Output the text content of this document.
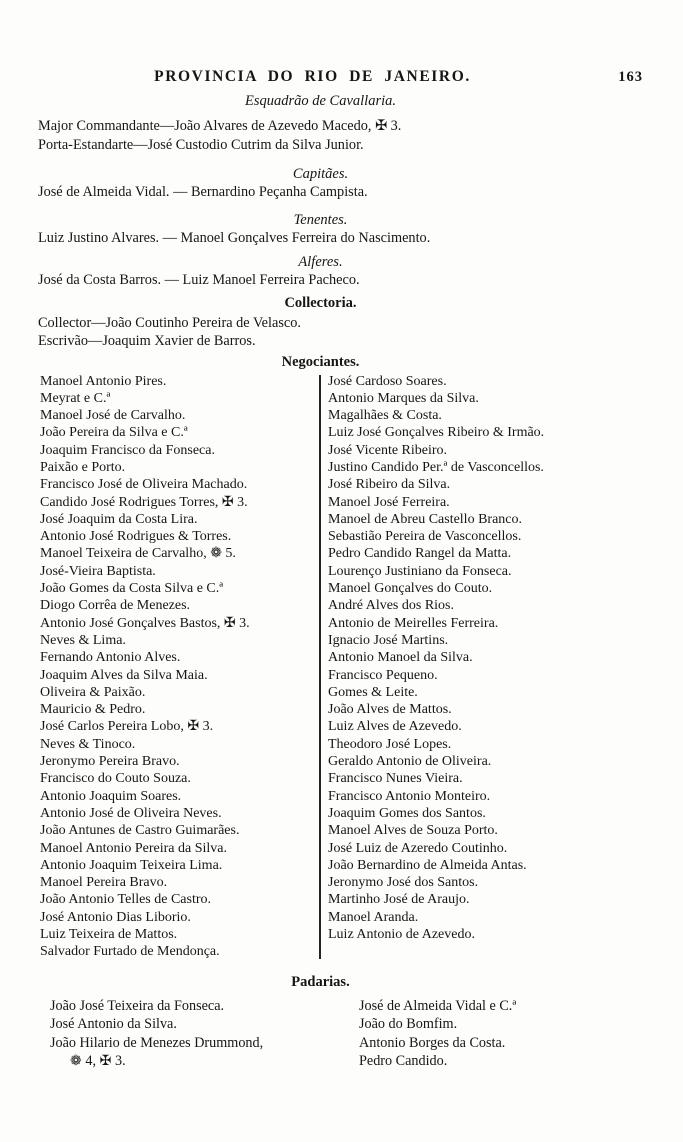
PROVINCIA DO RIO DE JANEIRO.	163
Esquadrão de Cavallaria.
Major Commandante—João Alvares de Azevedo Macedo, ✠ 3.
Porta-Estandarte—José Custodio Cutrim da Silva Junior.
Capitães.
José de Almeida Vidal. — Bernardino Peçanha Campista.
Tenentes.
Luiz Justino Alvares. — Manoel Gonçalves Ferreira do Nascimento.
Alferes.
José da Costa Barros. — Luiz Manoel Ferreira Pacheco.
Collectoria.
Collector—João Coutinho Pereira de Velasco.
Escrivão—Joaquim Xavier de Barros.
Negociantes.
Manoel Antonio Pires.
Meyrat e C.ª
Manoel José de Carvalho.
João Pereira da Silva e C.ª
Joaquim Francisco da Fonseca.
Paixão e Porto.
Francisco José de Oliveira Machado.
Candido José Rodrigues Torres, ✠ 3.
José Joaquim da Costa Lira.
Antonio José Rodrigues & Torres.
Manoel Teixeira de Carvalho, ❁ 5.
José-Vieira Baptista.
João Gomes da Costa Silva e C.ª
Diogo Corrêa de Menezes.
Antonio José Gonçalves Bastos, ✠ 3.
Neves & Lima.
Fernando Antonio Alves.
Joaquim Alves da Silva Maia.
Oliveira & Paixão.
Mauricio & Pedro.
José Carlos Pereira Lobo, ✠ 3.
Neves & Tinoco.
Jeronymo Pereira Bravo.
Francisco do Couto Souza.
Antonio Joaquim Soares.
Antonio José de Oliveira Neves.
João Antunes de Castro Guimarães.
Manoel Antonio Pereira da Silva.
Antonio Joaquim Teixeira Lima.
Manoel Pereira Bravo.
João Antonio Telles de Castro.
José Antonio Dias Liborio.
Luiz Teixeira de Mattos.
Salvador Furtado de Mendonça.
José Cardoso Soares.
Antonio Marques da Silva.
Magalhães & Costa.
Luiz José Gonçalves Ribeiro & Irmão.
José Vicente Ribeiro.
Justino Candido Per.ª de Vasconcellos.
José Ribeiro da Silva.
Manoel José Ferreira.
Manoel de Abreu Castello Branco.
Sebastião Pereira de Vasconcellos.
Pedro Candido Rangel da Matta.
Lourenço Justiniano da Fonseca.
Manoel Gonçalves do Couto.
André Alves dos Rios.
Antonio de Meirelles Ferreira.
Ignacio José Martins.
Antonio Manoel da Silva.
Francisco Pequeno.
Gomes & Leite.
João Alves de Mattos.
Luiz Alves de Azevedo.
Theodoro José Lopes.
Geraldo Antonio de Oliveira.
Francisco Nunes Vieira.
Francisco Antonio Monteiro.
Joaquim Gomes dos Santos.
Manoel Alves de Souza Porto.
José Luiz de Azeredo Coutinho.
João Bernardino de Almeida Antas.
Jeronymo José dos Santos.
Martinho José de Araujo.
Manoel Aranda.
Luiz Antonio de Azevedo.
Padarias.
João José Teixeira da Fonseca.
José Antonio da Silva.
João Hilario de Menezes Drummond,
❁ 4, ✠ 3.
José de Almeida Vidal e C.ª
João do Bomfim.
Antonio Borges da Costa.
Pedro Candido.
